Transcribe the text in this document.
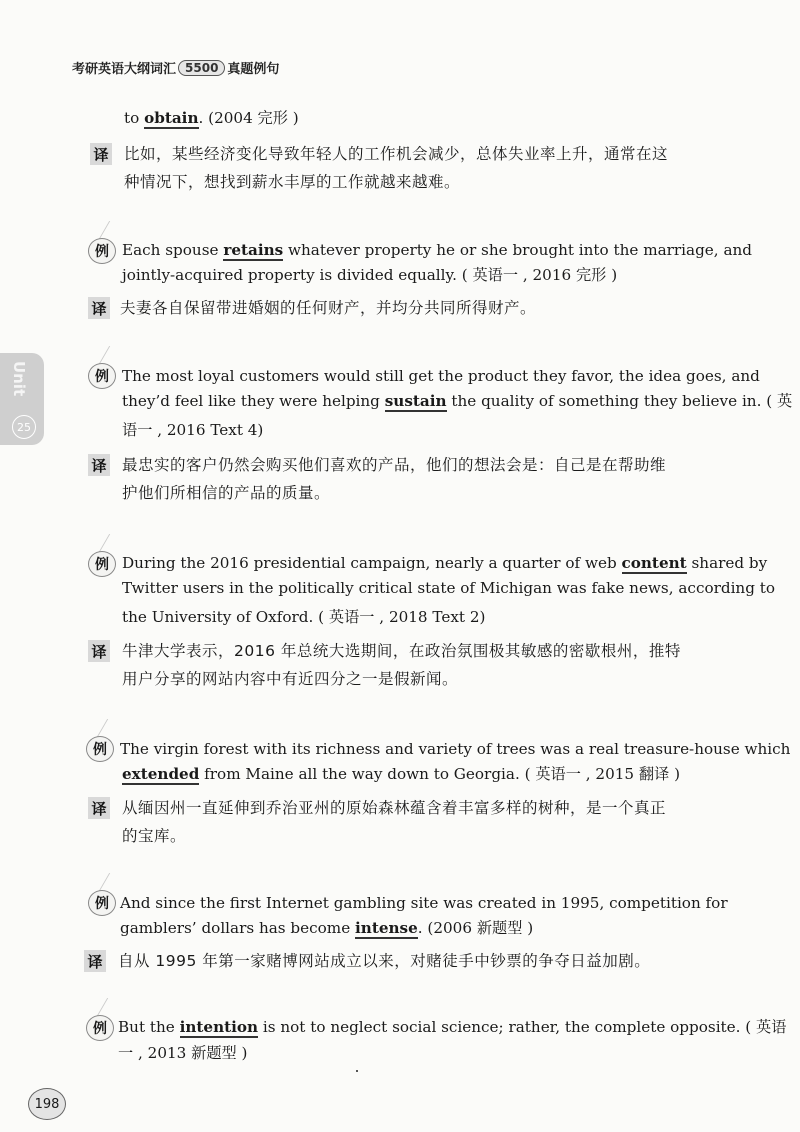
考研英语大纲词汇 5500 真题例句
Unit
25
to obtain. (2004 完形 )
译 比如，某些经济变化导致年轻人的工作机会减少，总体失业率上升，通常在这
种情况下，想找到薪水丰厚的工作就越来越难。
例 Each spouse retains whatever property he or she brought into the marriage, and
jointly-acquired property is divided equally. ( 英语一 , 2016 完形 )
译 夫妻各自保留带进婚姻的任何财产，并均分共同所得财产。
例 The most loyal customers would still get the product they favor, the idea goes, and
they’d feel like they were helping sustain the quality of something they believe in. ( 英
语一 , 2016 Text 4)
译 最忠实的客户仍然会购买他们喜欢的产品，他们的想法会是：自己是在帮助维
护他们所相信的产品的质量。
例 During the 2016 presidential campaign, nearly a quarter of web content shared by
Twitter users in the politically critical state of Michigan was fake news, according to
the University of Oxford. ( 英语一 , 2018 Text 2)
译 牛津大学表示，2016 年总统大选期间，在政治氛围极其敏感的密歇根州，推特
用户分享的网站内容中有近四分之一是假新闻。
例 The virgin forest with its richness and variety of trees was a real treasure-house which
extended from Maine all the way down to Georgia. ( 英语一 , 2015 翻译 )
译 从缅因州一直延伸到乔治亚州的原始森林蕴含着丰富多样的树种，是一个真正
的宝库。
例 And since the first Internet gambling site was created in 1995, competition for
gamblers’ dollars has become intense. (2006 新题型 )
译 自从 1995 年第一家赌博网站成立以来，对赌徒手中钞票的争夺日益加剧。
例 But the intention is not to neglect social science; rather, the complete opposite. ( 英语
一 , 2013 新题型 )
198
